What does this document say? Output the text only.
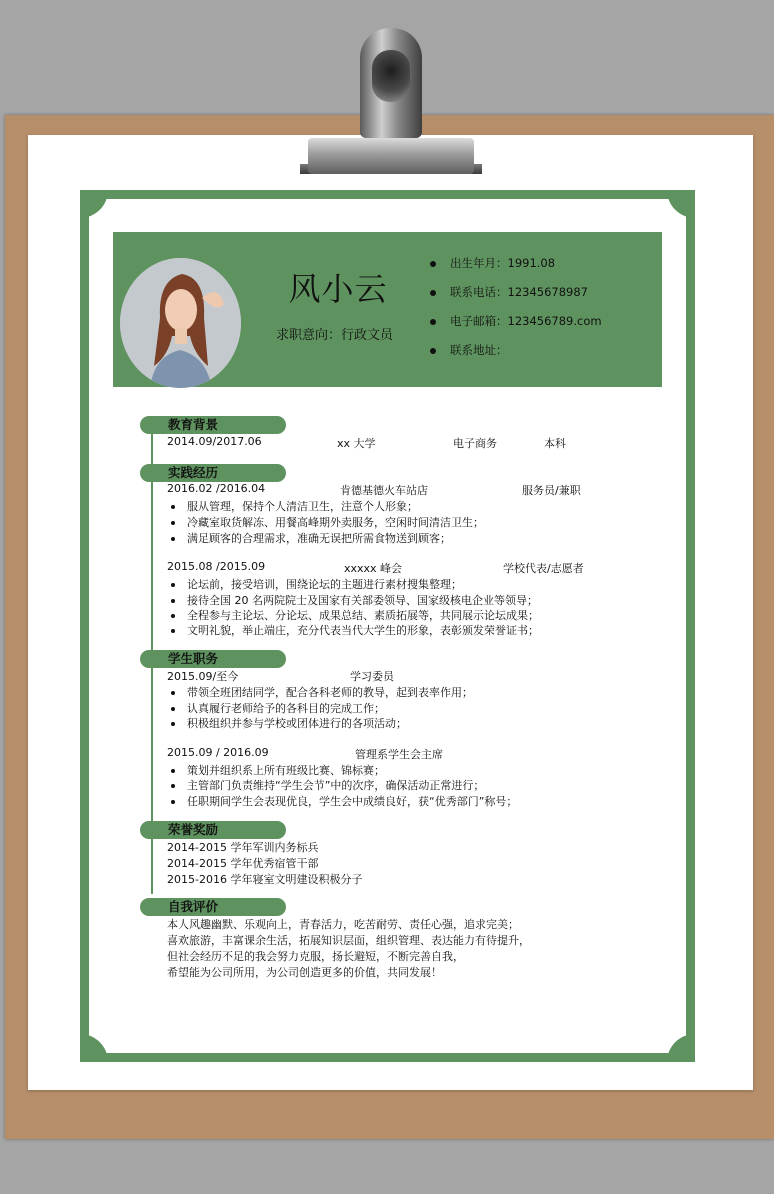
风小云
求职意向：行政文员
出生年月：1991.08
联系电话：12345678987
电子邮箱：123456789.com
联系地址：
教育背景
2014.09/2017.06	xx 大学	电子商务	本科
实践经历
2016.02 /2016.04	肯德基德火车站店	服务员/兼职
服从管理，保持个人清洁卫生，注意个人形象；
冷藏室取货解冻、用餐高峰期外卖服务，空闲时间清洁卫生；
满足顾客的合理需求，准确无误把所需食物送到顾客；
2015.08 /2015.09	xxxxx 峰会	学校代表/志愿者
论坛前，接受培训，围绕论坛的主题进行素材搜集整理；
接待全国 20 名两院院士及国家有关部委领导、国家级核电企业等领导；
全程参与主论坛、分论坛、成果总结、素质拓展等，共同展示论坛成果；
文明礼貌，举止端庄，充分代表当代大学生的形象，表彰颁发荣誉证书；
学生职务
2015.09/至今	学习委员
带领全班团结同学，配合各科老师的教导，起到表率作用；
认真履行老师给予的各科目的完成工作；
积极组织并参与学校或团体进行的各项活动；
2015.09 / 2016.09	管理系学生会主席
策划并组织系上所有班级比赛、锦标赛；
主管部门负责维持“学生会节”中的次序，确保活动正常进行；
任职期间学生会表现优良，学生会中成绩良好，获“优秀部门”称号；
荣誉奖励
2014-2015 学年军训内务标兵
2014-2015 学年优秀宿管干部
2015-2016 学年寝室文明建设积极分子
自我评价
本人风趣幽默、乐观向上，青春活力，吃苦耐劳、责任心强，追求完美；
喜欢旅游，丰富课余生活，拓展知识层面，组织管理、表达能力有待提升，
但社会经历不足的我会努力克服，扬长避短，不断完善自我，
希望能为公司所用，为公司创造更多的价值，共同发展！
